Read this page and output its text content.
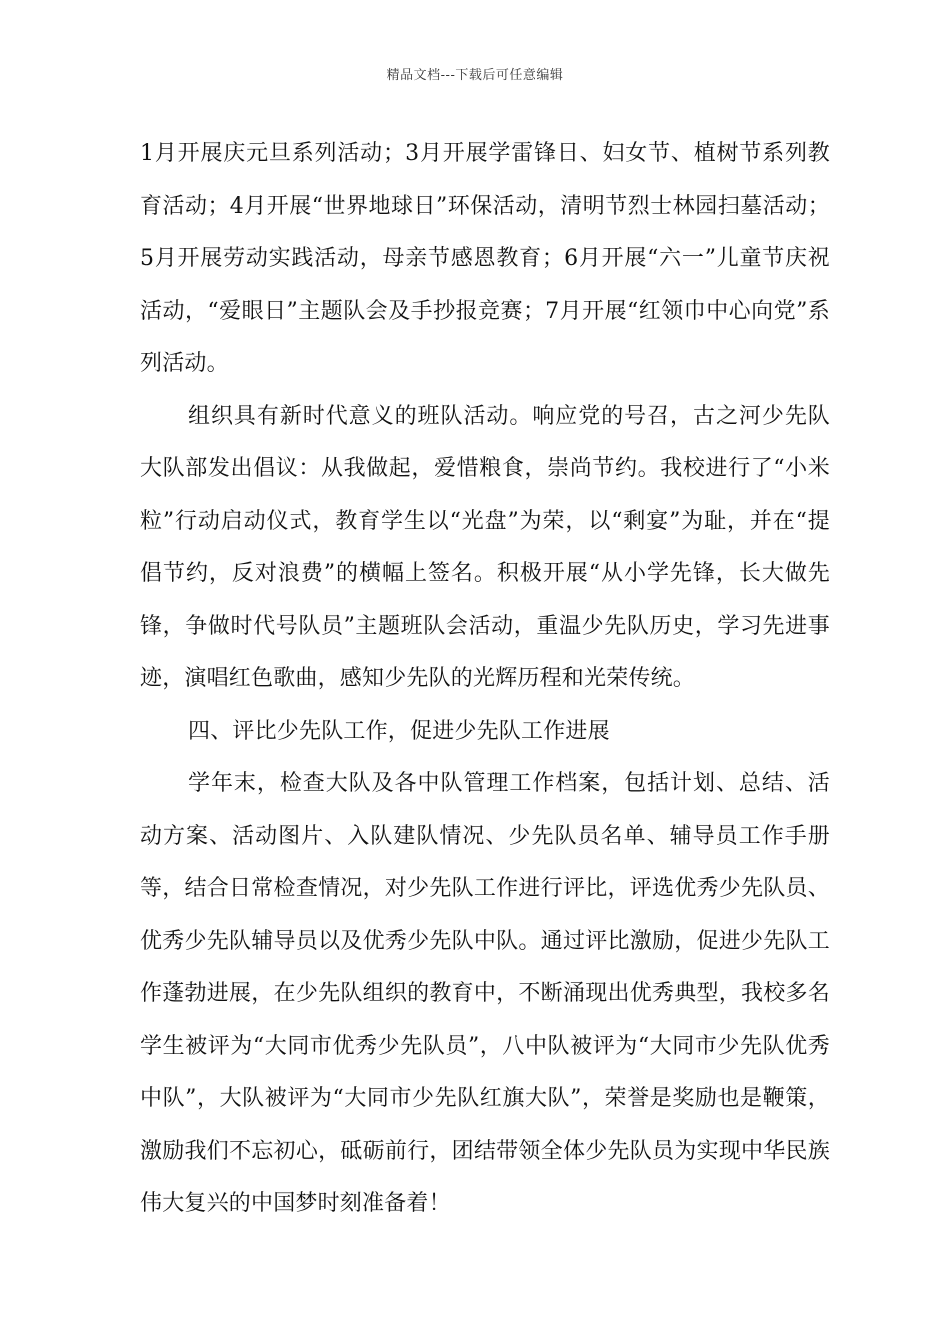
精品文档---下载后可任意编辑

1月开展庆元旦系列活动；3月开展学雷锋日、妇女节、植树节系列教育活动；4月开展“世界地球日”环保活动，清明节烈士林园扫墓活动；5月开展劳动实践活动，母亲节感恩教育；6月开展“六一”儿童节庆祝活动，“爱眼日”主题队会及手抄报竞赛；7月开展“红领巾中心向党”系列活动。

组织具有新时代意义的班队活动。响应党的号召，古之河少先队大队部发出倡议：从我做起，爱惜粮食，崇尚节约。我校进行了“小米粒”行动启动仪式，教育学生以“光盘”为荣，以“剩宴”为耻，并在“提倡节约，反对浪费”的横幅上签名。积极开展“从小学先锋，长大做先锋，争做时代号队员”主题班队会活动，重温少先队历史，学习先进事迹，演唱红色歌曲，感知少先队的光辉历程和光荣传统。

四、评比少先队工作，促进少先队工作进展

学年末，检查大队及各中队管理工作档案，包括计划、总结、活动方案、活动图片、入队建队情况、少先队员名单、辅导员工作手册等，结合日常检查情况，对少先队工作进行评比，评选优秀少先队员、优秀少先队辅导员以及优秀少先队中队。通过评比激励，促进少先队工作蓬勃进展，在少先队组织的教育中，不断涌现出优秀典型，我校多名学生被评为“大同市优秀少先队员”，八中队被评为“大同市少先队优秀中队”，大队被评为“大同市少先队红旗大队”，荣誉是奖励也是鞭策，激励我们不忘初心，砥砺前行，团结带领全体少先队员为实现中华民族伟大复兴的中国梦时刻准备着！
